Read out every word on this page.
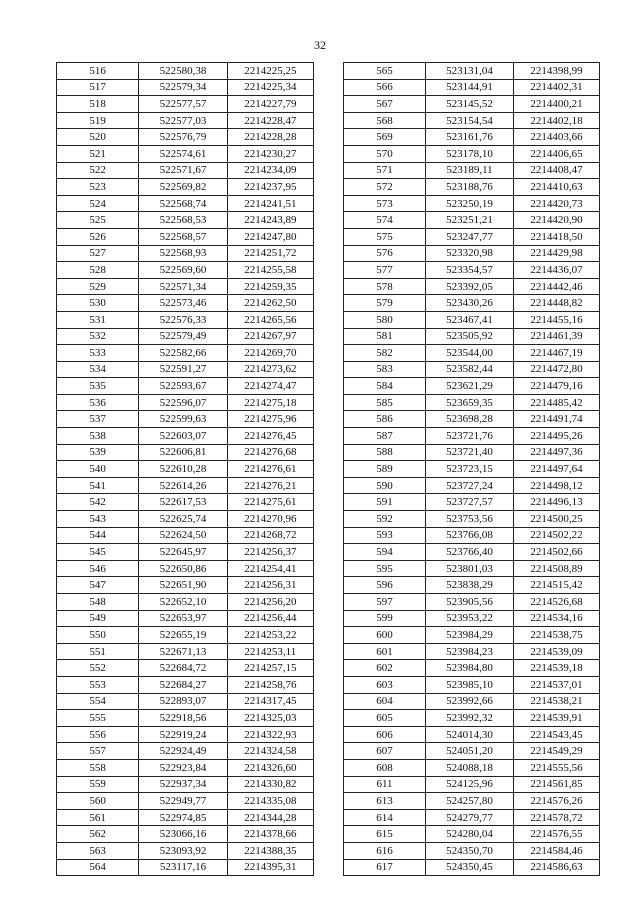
32
516	522580,38	2214225,25
517	522579,34	2214225,34
518	522577,57	2214227,79
519	522577,03	2214228,47
520	522576,79	2214228,28
521	522574,61	2214230,27
522	522571,67	2214234,09
523	522569,82	2214237,95
524	522568,74	2214241,51
525	522568,53	2214243,89
526	522568,57	2214247,80
527	522568,93	2214251,72
528	522569,60	2214255,58
529	522571,34	2214259,35
530	522573,46	2214262,50
531	522576,33	2214265,56
532	522579,49	2214267,97
533	522582,66	2214269,70
534	522591,27	2214273,62
535	522593,67	2214274,47
536	522596,07	2214275,18
537	522599,63	2214275,96
538	522603,07	2214276,45
539	522606,81	2214276,68
540	522610,28	2214276,61
541	522614,26	2214276,21
542	522617,53	2214275,61
543	522625,74	2214270,96
544	522624,50	2214268,72
545	522645,97	2214256,37
546	522650,86	2214254,41
547	522651,90	2214256,31
548	522652,10	2214256,20
549	522653,97	2214256,44
550	522655,19	2214253,22
551	522671,13	2214253,11
552	522684,72	2214257,15
553	522684,27	2214258,76
554	522893,07	2214317,45
555	522918,56	2214325,03
556	522919,24	2214322,93
557	522924,49	2214324,58
558	522923,84	2214326,60
559	522937,34	2214330,82
560	522949,77	2214335,08
561	522974,85	2214344,28
562	523066,16	2214378,66
563	523093,92	2214388,35
564	523117,16	2214395,31
565	523131,04	2214398,99
566	523144,91	2214402,31
567	523145,52	2214400,21
568	523154,54	2214402,18
569	523161,76	2214403,66
570	523178,10	2214406,65
571	523189,11	2214408,47
572	523188,76	2214410,63
573	523250,19	2214420,73
574	523251,21	2214420,90
575	523247,77	2214418,50
576	523320,98	2214429,98
577	523354,57	2214436,07
578	523392,05	2214442,46
579	523430,26	2214448,82
580	523467,41	2214455,16
581	523505,92	2214461,39
582	523544,00	2214467,19
583	523582,44	2214472,80
584	523621,29	2214479,16
585	523659,35	2214485,42
586	523698,28	2214491,74
587	523721,76	2214495,26
588	523721,40	2214497,36
589	523723,15	2214497,64
590	523727,24	2214498,12
591	523727,57	2214496,13
592	523753,56	2214500,25
593	523766,08	2214502,22
594	523766,40	2214502,66
595	523801,03	2214508,89
596	523838,29	2214515,42
597	523905,56	2214526,68
599	523953,22	2214534,16
600	523984,29	2214538,75
601	523984,23	2214539,09
602	523984,80	2214539,18
603	523985,10	2214537,01
604	523992,66	2214538,21
605	523992,32	2214539,91
606	524014,30	2214543,45
607	524051,20	2214549,29
608	524088,18	2214555,56
611	524125,96	2214561,85
613	524257,80	2214576,26
614	524279,77	2214578,72
615	524280,04	2214576,55
616	524350,70	2214584,46
617	524350,45	2214586,63
